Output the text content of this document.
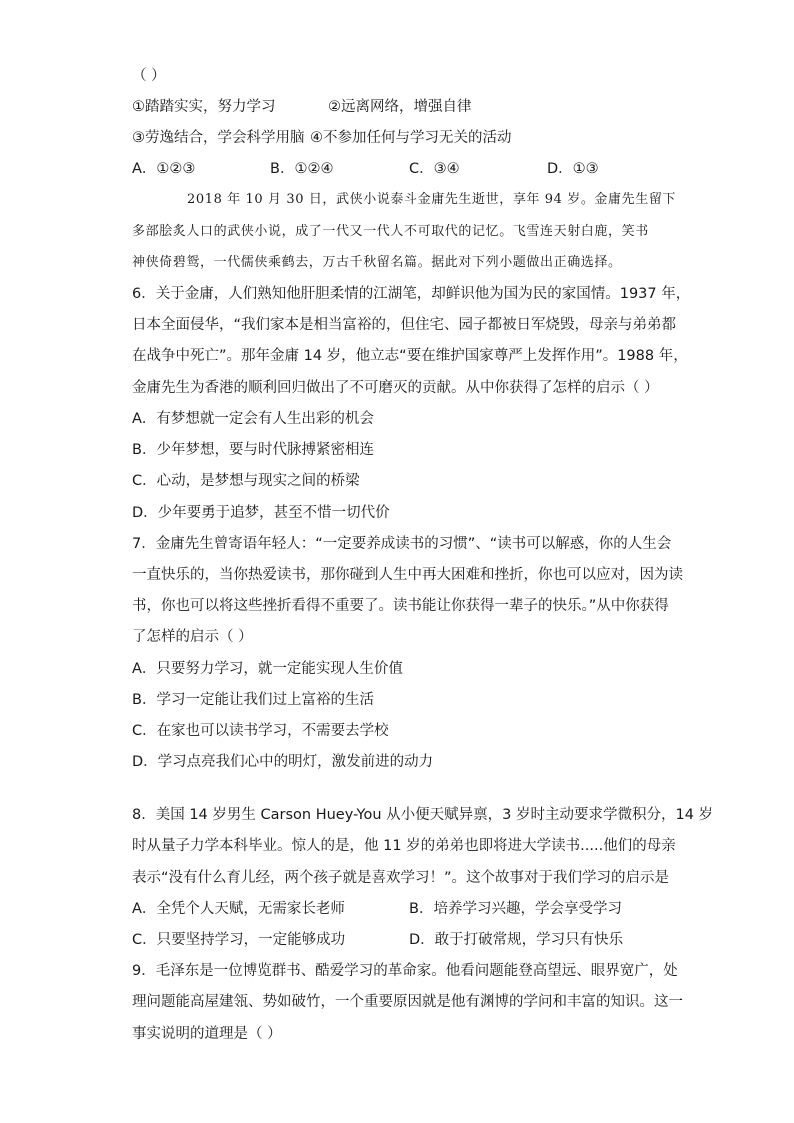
（ ）
①踏踏实实，努力学习	②远离网络，增强自律
③劳逸结合，学会科学用脑 ④不参加任何与学习无关的活动
A．①②③	B．①②④	C．③④	D．①③
2018 年 10 月 30 日，武侠小说泰斗金庸先生逝世，享年 94 岁。金庸先生留下
多部脍炙人口的武侠小说，成了一代又一代人不可取代的记忆。飞雪连天射白鹿，笑书
神侠倚碧鸳，一代儒侠乘鹤去，万古千秋留名篇。据此对下列小题做出正确选择。
6．关于金庸，人们熟知他肝胆柔情的江湖笔，却鲜识他为国为民的家国情。1937 年，
日本全面侵华，“我们家本是相当富裕的，但住宅、园子都被日军烧毁，母亲与弟弟都
在战争中死亡”。那年金庸 14 岁，他立志“要在维护国家尊严上发挥作用”。1988 年，
金庸先生为香港的顺利回归做出了不可磨灭的贡献。从中你获得了怎样的启示（ ）
A．有梦想就一定会有人生出彩的机会
B．少年梦想，要与时代脉搏紧密相连
C．心动，是梦想与现实之间的桥梁
D．少年要勇于追梦，甚至不惜一切代价
7．金庸先生曾寄语年轻人：“一定要养成读书的习惯”、“读书可以解惑，你的人生会
一直快乐的，当你热爱读书，那你碰到人生中再大困难和挫折，你也可以应对，因为读
书，你也可以将这些挫折看得不重要了。读书能让你获得一辈子的快乐。”从中你获得
了怎样的启示（ ）
A．只要努力学习，就一定能实现人生价值
B．学习一定能让我们过上富裕的生活
C．在家也可以读书学习，不需要去学校
D．学习点亮我们心中的明灯，激发前进的动力
8．美国 14 岁男生 Carson Huey-You 从小便天赋异禀，3 岁时主动要求学微积分，14 岁
时从量子力学本科毕业。惊人的是，他 11 岁的弟弟也即将进大学读书.....他们的母亲
表示“没有什么育儿经，两个孩子就是喜欢学习！”。这个故事对于我们学习的启示是
A．全凭个人天赋，无需家长老师	B．培养学习兴趣，学会享受学习
C．只要坚持学习，一定能够成功	D．敢于打破常规，学习只有快乐
9．毛泽东是一位博览群书、酷爱学习的革命家。他看问题能登高望远、眼界宽广，处
理问题能高屋建瓴、势如破竹，一个重要原因就是他有渊博的学问和丰富的知识。这一
事实说明的道理是（ ）
